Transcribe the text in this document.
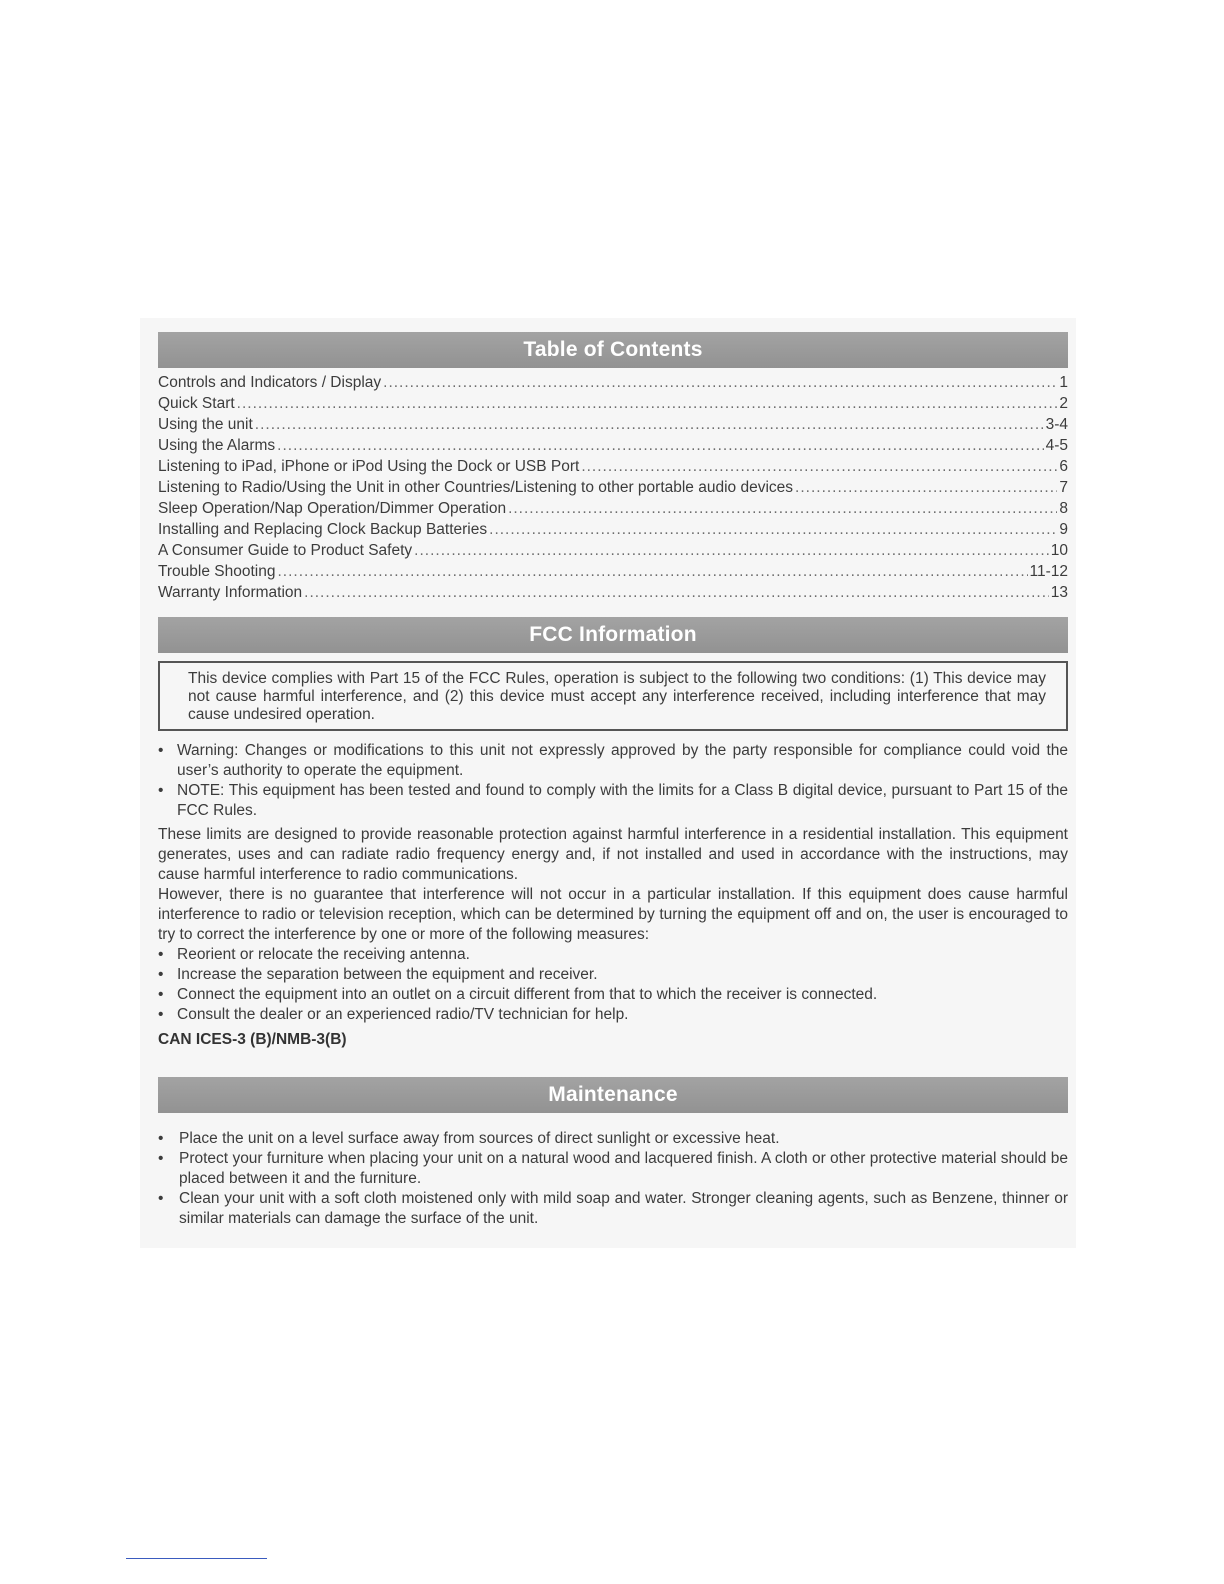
Table of Contents
Controls and Indicators / Display .....	1
Quick Start .....	2
Using the unit .....	3-4
Using the Alarms .....	4-5
Listening to iPad, iPhone or iPod Using the Dock or USB Port .....	6
Listening to Radio/Using the Unit in other Countries/Listening to other portable audio devices .....	7
Sleep Operation/Nap Operation/Dimmer Operation .....	8
Installing and Replacing Clock Backup Batteries .....	9
A Consumer Guide to Product Safety .....	10
Trouble Shooting .....	11-12
Warranty Information .....	13
FCC Information
This device complies with Part 15 of the FCC Rules, operation is subject to the following two conditions: (1) This device may not cause harmful interference, and (2) this device must accept any interference received, including interference that may cause undesired operation.
• Warning: Changes or modifications to this unit not expressly approved by the party responsible for compliance could void the user’s authority to operate the equipment.
• NOTE: This equipment has been tested and found to comply with the limits for a Class B digital device, pursuant to Part 15 of the FCC Rules.

These limits are designed to provide reasonable protection against harmful interference in a residential installation. This equipment generates, uses and can radiate radio frequency energy and, if not installed and used in accordance with the instructions, may cause harmful interference to radio communications.

However, there is no guarantee that interference will not occur in a particular installation. If this equipment does cause harmful interference to radio or television reception, which can be determined by turning the equipment off and on, the user is encouraged to try to correct the interference by one or more of the following measures:

• Reorient or relocate the receiving antenna.
• Increase the separation between the equipment and receiver.
• Connect the equipment into an outlet on a circuit different from that to which the receiver is connected.
• Consult the dealer or an experienced radio/TV technician for help.
CAN ICES-3 (B)/NMB-3(B)
Maintenance
• Place the unit on a level surface away from sources of direct sunlight or excessive heat.
• Protect your furniture when placing your unit on a natural wood and lacquered finish. A cloth or other protective material should be placed between it and the furniture.
• Clean your unit with a soft cloth moistened only with mild soap and water. Stronger cleaning agents, such as Benzene, thinner or similar materials can damage the surface of the unit.
